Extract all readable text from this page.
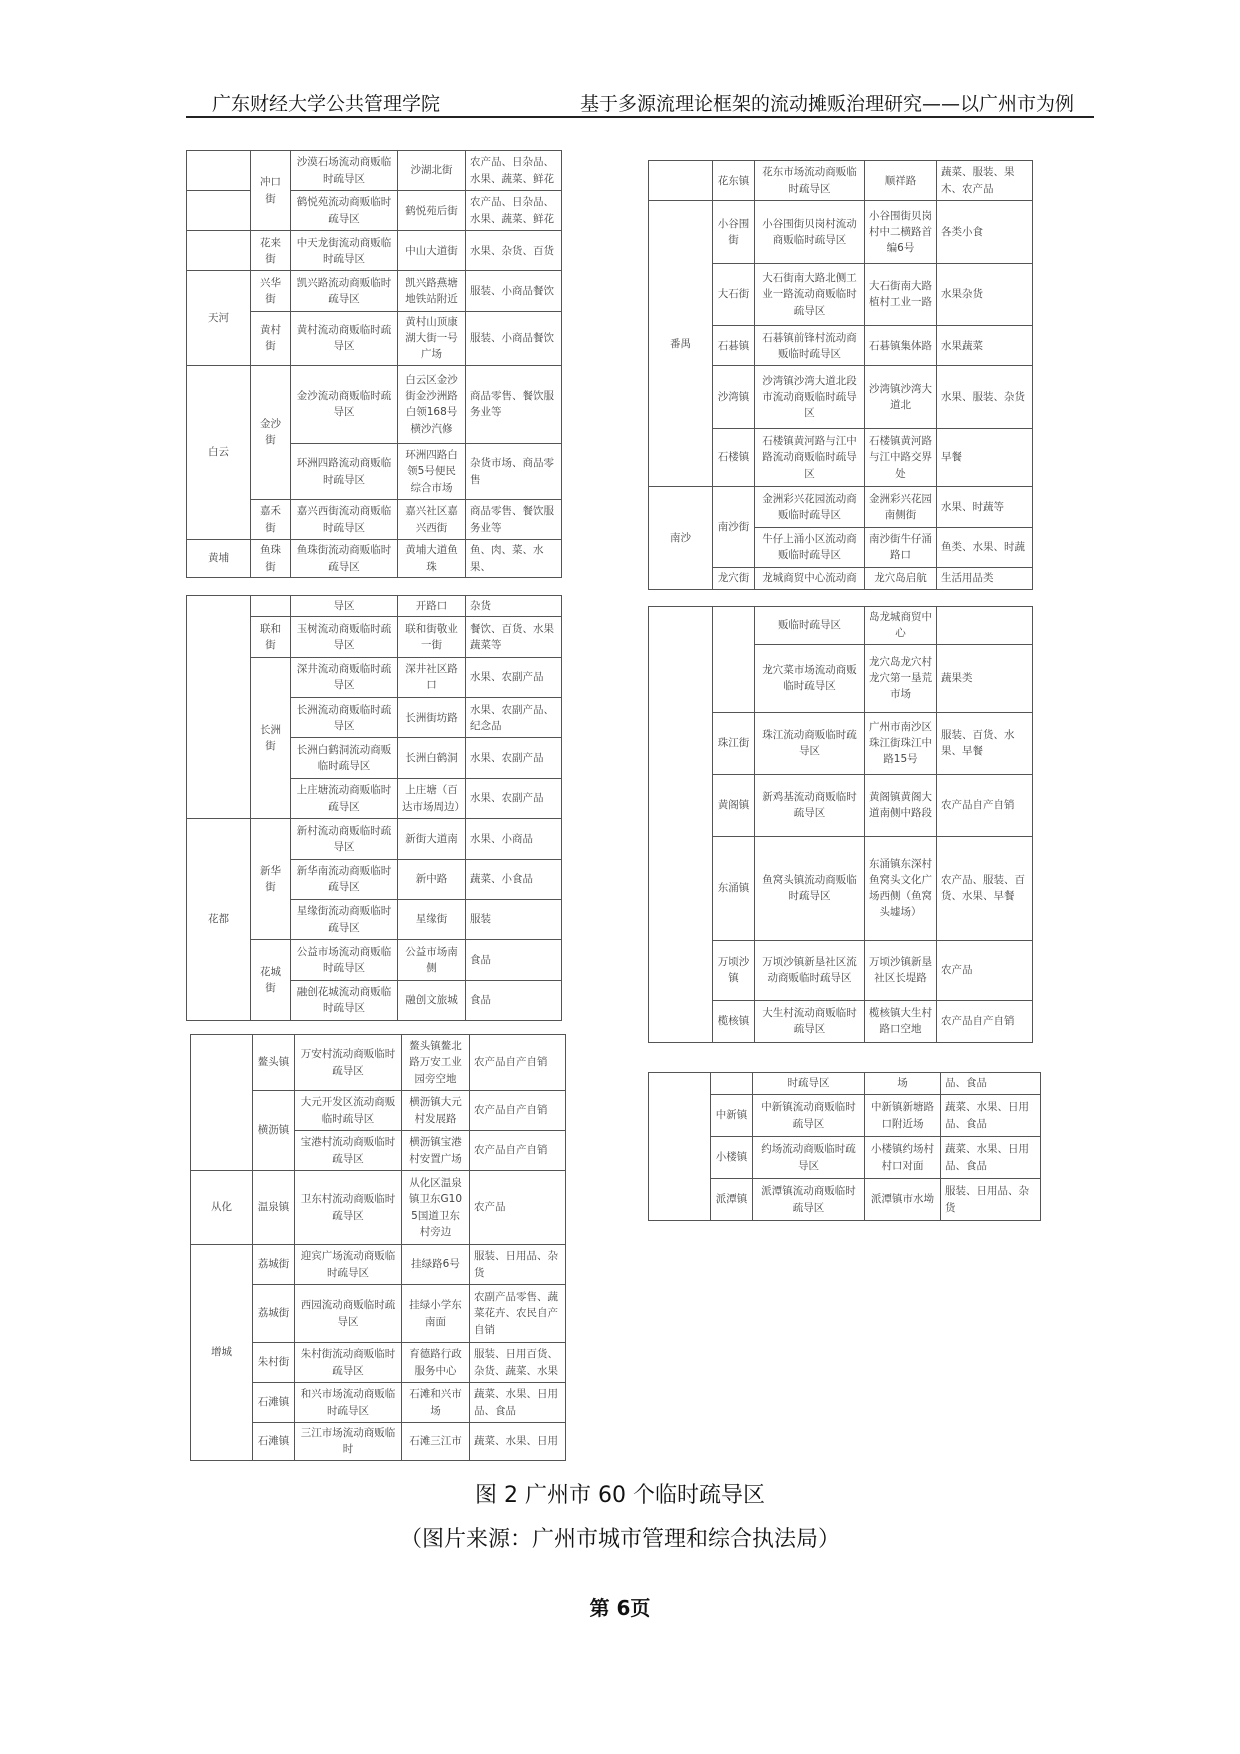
广东财经大学公共管理学院	基于多源流理论框架的流动摊贩治理研究——以广州市为例
	冲口街	沙漠石场流动商贩临时疏导区	沙湖北街	农产品、日杂品、水果、蔬菜、鲜花
		鹤悦苑流动商贩临时疏导区	鹤悦苑后街	农产品、日杂品、水果、蔬菜、鲜花
	花来街	中天龙街流动商贩临时疏导区	中山大道街	水果、杂货、百货
天河	兴华街	凯兴路流动商贩临时疏导区	凯兴路燕塘地铁站附近	服装、小商品餐饮
	黄村街	黄村流动商贩临时疏导区	黄村山顶康湖大街一号广场	服装、小商品餐饮
白云	金沙街	金沙流动商贩临时疏导区	白云区金沙街金沙洲路白领168号横沙汽修	商品零售、餐饮服务业等
		环洲四路流动商贩临时疏导区	环洲四路白领5号便民综合市场	杂货市场、商品零售
	嘉禾街	嘉兴西街流动商贩临时疏导区	嘉兴社区嘉兴西街	商品零售、餐饮服务业等
黄埔	鱼珠街	鱼珠街流动商贩临时疏导区	黄埔大道鱼珠	鱼、肉、菜、水果、
		导区	开路口	杂货
	联和街	玉树流动商贩临时疏导区	联和街敬业一街	餐饮、百货、水果蔬菜等
	长洲街	深井流动商贩临时疏导区	深井社区路口	水果、农副产品
		长洲流动商贩临时疏导区	长洲街坊路	水果、农副产品、纪念品
		长洲白鹤洞流动商贩临时疏导区	长洲白鹤洞	水果、农副产品
		上庄塘流动商贩临时疏导区	上庄塘（百达市场周边）	水果、农副产品
花都	新华街	新村流动商贩临时疏导区	新街大道南	水果、小商品
		新华南流动商贩临时疏导区	新中路	蔬菜、小食品
		星缘街流动商贩临时疏导区	星缘街	服装
	花城街	公益市场流动商贩临时疏导区	公益市场南侧	食品
		融创花城流动商贩临时疏导区	融创文旅城	食品
	鳌头镇	万安村流动商贩临时疏导区	鳌头镇鳌北路万安工业园旁空地	农产品自产自销
	横沥镇	大元开发区流动商贩临时疏导区	横沥镇大元村发展路	农产品自产自销
		宝港村流动商贩临时疏导区	横沥镇宝港村安置广场	农产品自产自销
从化	温泉镇	卫东村流动商贩临时疏导区	从化区温泉镇卫东G105国道卫东村旁边	农产品
增城	荔城街	迎宾广场流动商贩临时疏导区	挂绿路6号	服装、日用品、杂货
	荔城街	西园流动商贩临时疏导区	挂绿小学东南面	农副产品零售、蔬菜花卉、农民自产自销
	朱村街	朱村街流动商贩临时疏导区	育德路行政服务中心	服装、日用百货、杂货、蔬菜、水果
	石滩镇	和兴市场流动商贩临时疏导区	石滩和兴市场	蔬菜、水果、日用品、食品
	石滩镇	三江市场流动商贩临时	石滩三江市	蔬菜、水果、日用
	花东镇	花东市场流动商贩临时疏导区	顺祥路	蔬菜、服装、果木、农产品
番禺	小谷围街	小谷围街贝岗村流动商贩临时疏导区	小谷围街贝岗村中二横路首编6号	各类小食
	大石街	大石街南大路北侧工业一路流动商贩临时疏导区	大石街南大路植村工业一路	水果杂货
	石碁镇	石碁镇前锋村流动商贩临时疏导区	石碁镇集体路	水果蔬菜
	沙湾镇	沙湾镇沙湾大道北段市流动商贩临时疏导区	沙湾镇沙湾大道北	水果、服装、杂货
	石楼镇	石楼镇黄河路与江中路流动商贩临时疏导区	石楼镇黄河路与江中路交界处	早餐
南沙	南沙街	金洲彩兴花园流动商贩临时疏导区	金洲彩兴花园南侧街	水果、时蔬等
		牛仔上涌小区流动商贩临时疏导区	南沙街牛仔涌路口	鱼类、水果、时蔬
	龙穴街	龙城商贸中心流动商	龙穴岛启航	生活用品类
		贩临时疏导区	岛龙城商贸中心	
		龙穴菜市场流动商贩临时疏导区	龙穴岛龙穴村龙穴第一垦荒市场	蔬果类
	珠江街	珠江流动商贩临时疏导区	广州市南沙区珠江街珠江中路15号	服装、百货、水果、早餐
	黄阁镇	新鸡基流动商贩临时疏导区	黄阁镇黄阁大道南侧中路段	农产品自产自销
	东涌镇	鱼窝头镇流动商贩临时疏导区	东涌镇东深村鱼窝头文化广场西侧（鱼窝头墟场）	农产品、服装、百货、水果、早餐
	万顷沙镇	万顷沙镇新垦社区流动商贩临时疏导区	万顷沙镇新垦社区长堤路	农产品
	榄核镇	大生村流动商贩临时疏导区	榄核镇大生村路口空地	农产品自产自销
		时疏导区	场	品、食品
	中新镇	中新镇流动商贩临时疏导区	中新镇新塘路口附近场	蔬菜、水果、日用品、食品
	小楼镇	约场流动商贩临时疏导区	小楼镇约场村村口对面	蔬菜、水果、日用品、食品
	派潭镇	派潭镇流动商贩临时疏导区	派潭镇市水坳	服装、日用品、杂货
图 2 广州市 60 个临时疏导区
（图片来源：广州市城市管理和综合执法局）
第 6页
